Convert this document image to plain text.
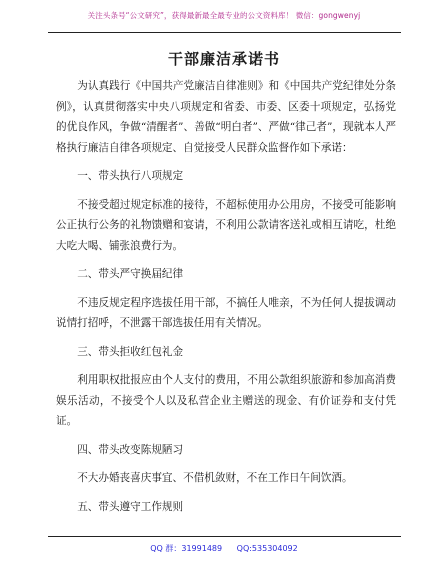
关注头条号“公文研究”，获得最新最全最专业的公文资料库！ 微信：gongwenyj
干部廉洁承诺书

为认真践行《中国共产党廉洁自律准则》和《中国共产党纪律处分条例》，认真贯彻落实中央八项规定和省委、市委、区委十项规定，弘扬党的优良作风，争做“清醒者”、善做“明白者”、严做“律己者”，现就本人严格执行廉洁自律各项规定、自觉接受人民群众监督作如下承诺：

一、带头执行八项规定

不接受超过规定标准的接待，不超标使用办公用房，不接受可能影响公正执行公务的礼物馈赠和宴请，不利用公款请客送礼或相互请吃，杜绝大吃大喝、铺张浪费行为。

二、带头严守换届纪律

不违反规定程序选拔任用干部，不搞任人唯亲，不为任何人提拔调动说情打招呼，不泄露干部选拔任用有关情况。

三、带头拒收红包礼金

利用职权批报应由个人支付的费用，不用公款组织旅游和参加高消费娱乐活动，不接受个人以及私营企业主赠送的现金、有价证券和支付凭证。

四、带头改变陈规陋习

不大办婚丧喜庆事宜、不借机敛财，不在工作日午间饮酒。

五、带头遵守工作规则

QQ 群：31991489 QQ:535304092
